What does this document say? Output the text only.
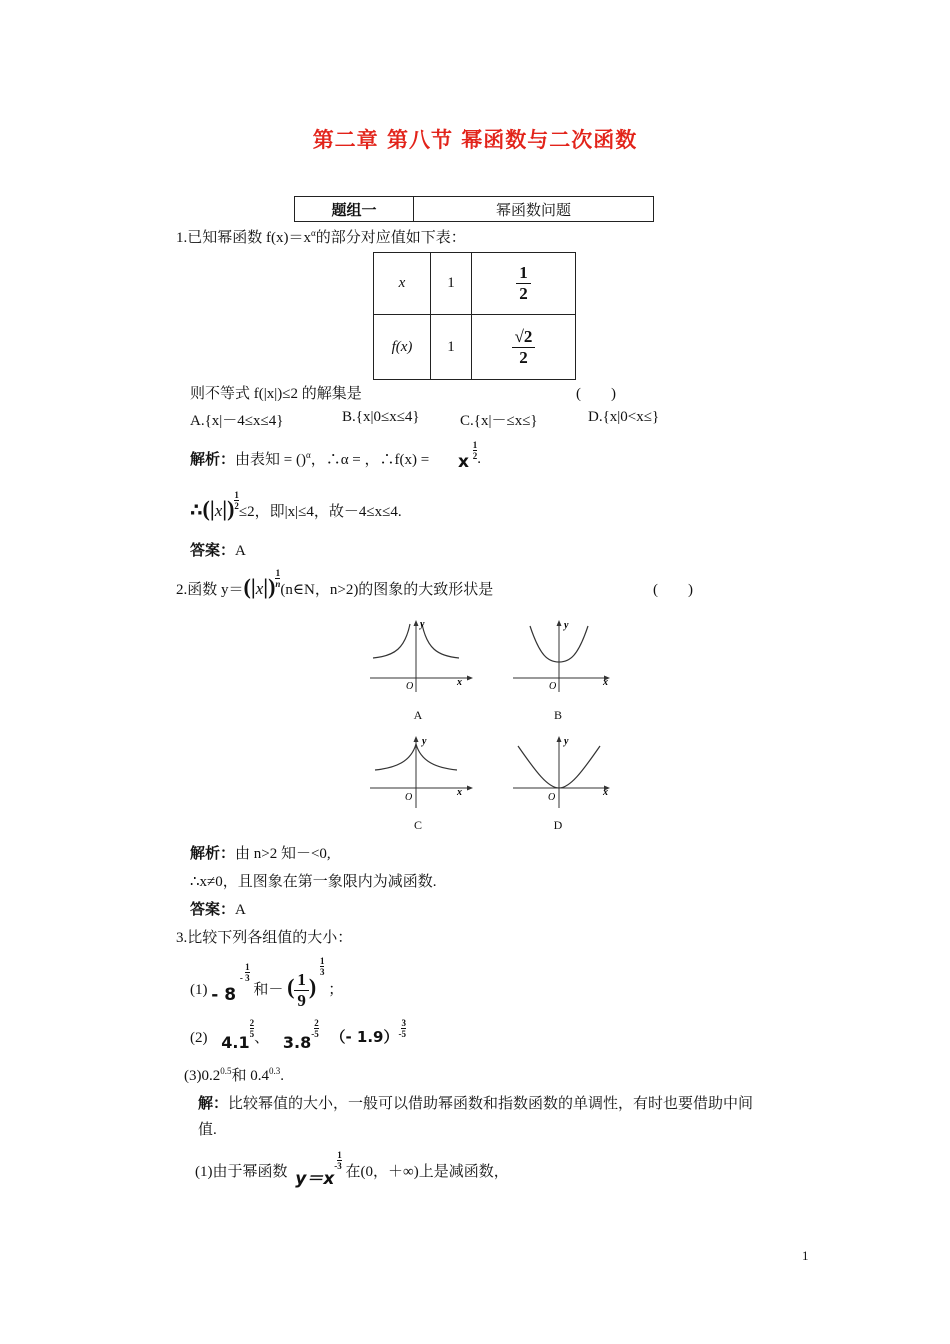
第二章 第八节 幂函数与二次函数
题组一	幂函数问题
1.已知幂函数 $f(x)=x^\alpha$的部分对应值如下表：
x	1	$\frac{1}{2}$

f(x)	1	$\frac{√2}{2}$
则不等式 f(|x|)≤2 的解集是	(　　)
A.{x|－4≤x≤4}	B.{x|0≤x≤4}	C.{x|－≤x≤}	D.{x|0<x≤}
解析：由表知 = ()$^\alpha$，∴α = ，∴f(x) = x
$\frac{1}{2}$ .
∴(|x|) $\frac{1}{2}$
≤2，即|x|≤4，故－4≤x≤4.
答案：A
2.函数 $y=(|x|) \frac{1}{n}$
(n∈N，n>2)的图象的大致形状是	(　　)
O	x
y
A
O	x
y
B
O	x
y
C
O	x
y
D
解析：由 n>2 知－<0,
∴x≠0，且图象在第一象限内为减函数.
答案：A
3.比较下列各组值的大小：
$(1) - 8 - \frac{1}{3}$
和－ ( $\frac{1}{9}$ )
$\frac{1}{3}$
；
(2) 4.1
$\frac{2}{5}$ 、 $3.8- \frac{2}{5}$ （- $1.9)- \frac{3}{5}$
$(3)0.2^{0.5}$和 $0.4^{0.3}$.
解：比较幂值的大小，一般可以借助幂函数和指数函数的单调性，有时也要借助中间
值.
(1)由于幂函数 $y=x- \frac{1}{3}$
在(0，＋∞)上是减函数，
1
